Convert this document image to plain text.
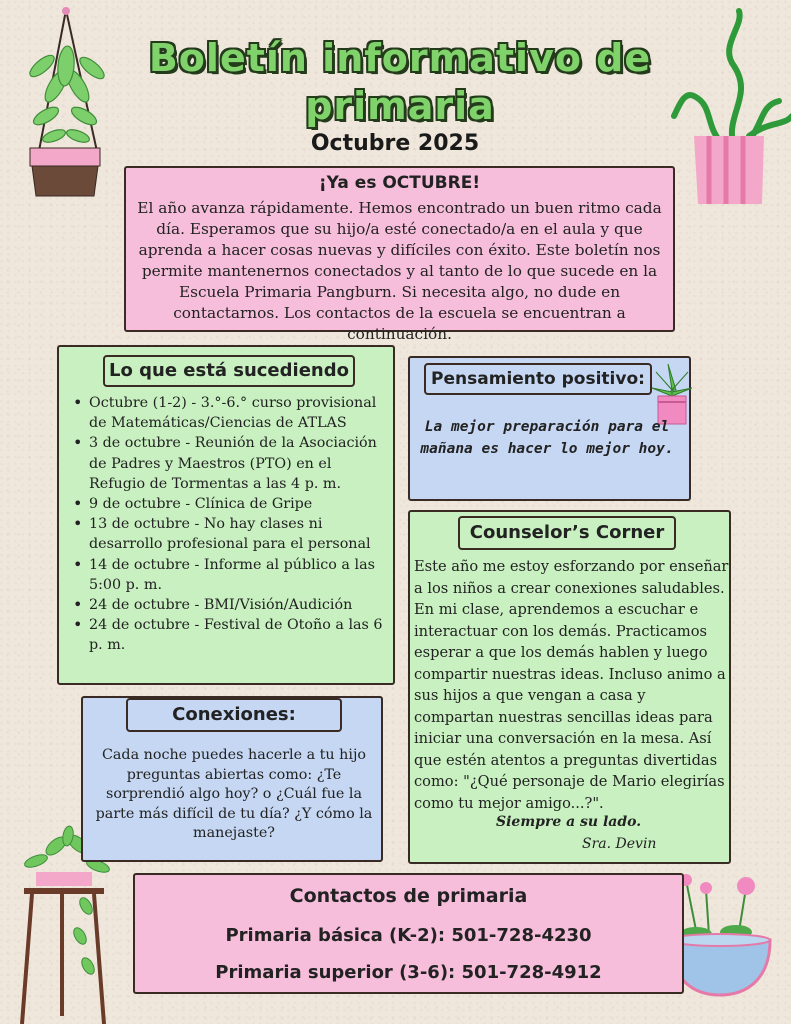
Boletín informativo de primaria
Octubre 2025
¡Ya es OCTUBRE!

El año avanza rápidamente. Hemos encontrado un buen ritmo cada día. Esperamos que su hijo/a esté conectado/a en el aula y que aprenda a hacer cosas nuevas y difíciles con éxito. Este boletín nos permite mantenernos conectados y al tanto de lo que sucede en la Escuela Primaria Pangburn. Si necesita algo, no dude en contactarnos. Los contactos de la escuela se encuentran a continuación.

Lo que está sucediendo
• Octubre (1-2) - 3.°-6.° curso provisional de Matemáticas/Ciencias de ATLAS
• 3 de octubre - Reunión de la Asociación de Padres y Maestros (PTO) en el Refugio de Tormentas a las 4 p. m.
• 9 de octubre - Clínica de Gripe
• 13 de octubre - No hay clases ni desarrollo profesional para el personal
• 14 de octubre - Informe al público a las 5:00 p. m.
• 24 de octubre - BMI/Visión/Audición
• 24 de octubre - Festival de Otoño a las 6 p. m.
Pensamiento positivo:
La mejor preparación para el mañana es hacer lo mejor hoy.
Counselor’s Corner
Este año me estoy esforzando por enseñar a los niños a crear conexiones saludables. En mi clase, aprendemos a escuchar e interactuar con los demás. Practicamos esperar a que los demás hablen y luego compartir nuestras ideas. Incluso animo a sus hijos a que vengan a casa y compartan nuestras sencillas ideas para iniciar una conversación en la mesa. Así que estén atentos a preguntas divertidas como: "¿Qué personaje de Mario elegirías como tu mejor amigo...?".
Siempre a su lado.
Sra. Devin
Conexiones:
Cada noche puedes hacerle a tu hijo preguntas abiertas como: ¿Te sorprendió algo hoy? o ¿Cuál fue la parte más difícil de tu día? ¿Y cómo la manejaste?
Contactos de primaria
Primaria básica (K-2): 501-728-4230
Primaria superior (3-6): 501-728-4912
